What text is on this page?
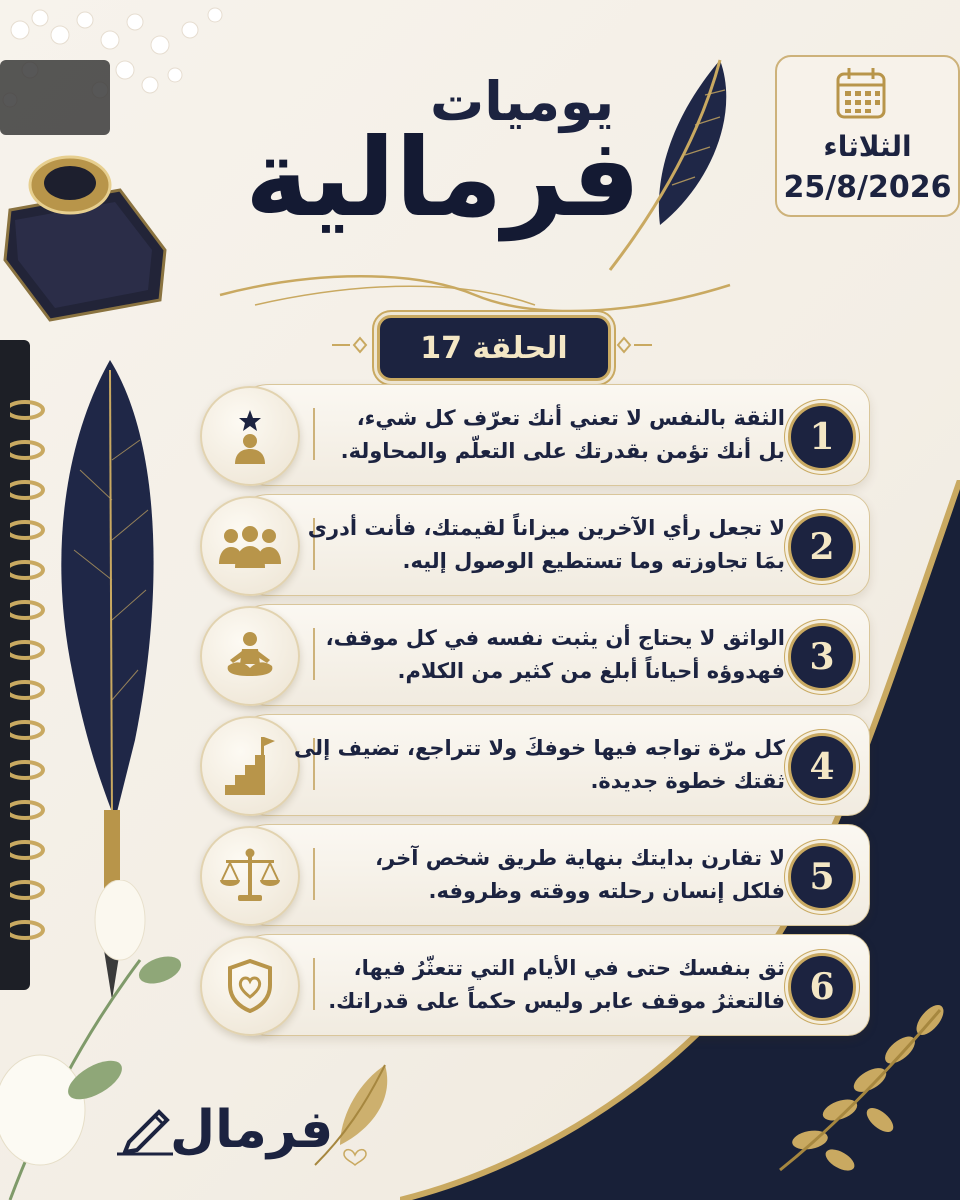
يوميات
فرمالية
الحلقة 17
الثلاثاء
25/8/2026
الثقة بالنفس لا تعني أنك تعرّف كل شيء،
بل أنك تؤمن بقدرتك على التعلّم والمحاولة. 1
لا تجعل رأي الآخرين ميزاناً لقيمتك، فأنت أدرى
بمَا تجاوزته وما تستطيع الوصول إليه. 2
الواثق لا يحتاج أن يثبت نفسه في كل موقف،
فهدوؤه أحياناً أبلغ من كثير من الكلام. 3
كل مرّة تواجه فيها خوفكَ ولا تتراجع، تضيف إلى
ثقتك خطوة جديدة. 4
لا تقارن بدايتك بنهاية طريق شخص آخر،
فلكل إنسان رحلته ووقته وظروفه. 5
ثق بنفسك حتى في الأيام التي تتعثّرُ فيها،
فالتعثرُ موقف عابر وليس حكماً على قدراتك. 6
فرمال
